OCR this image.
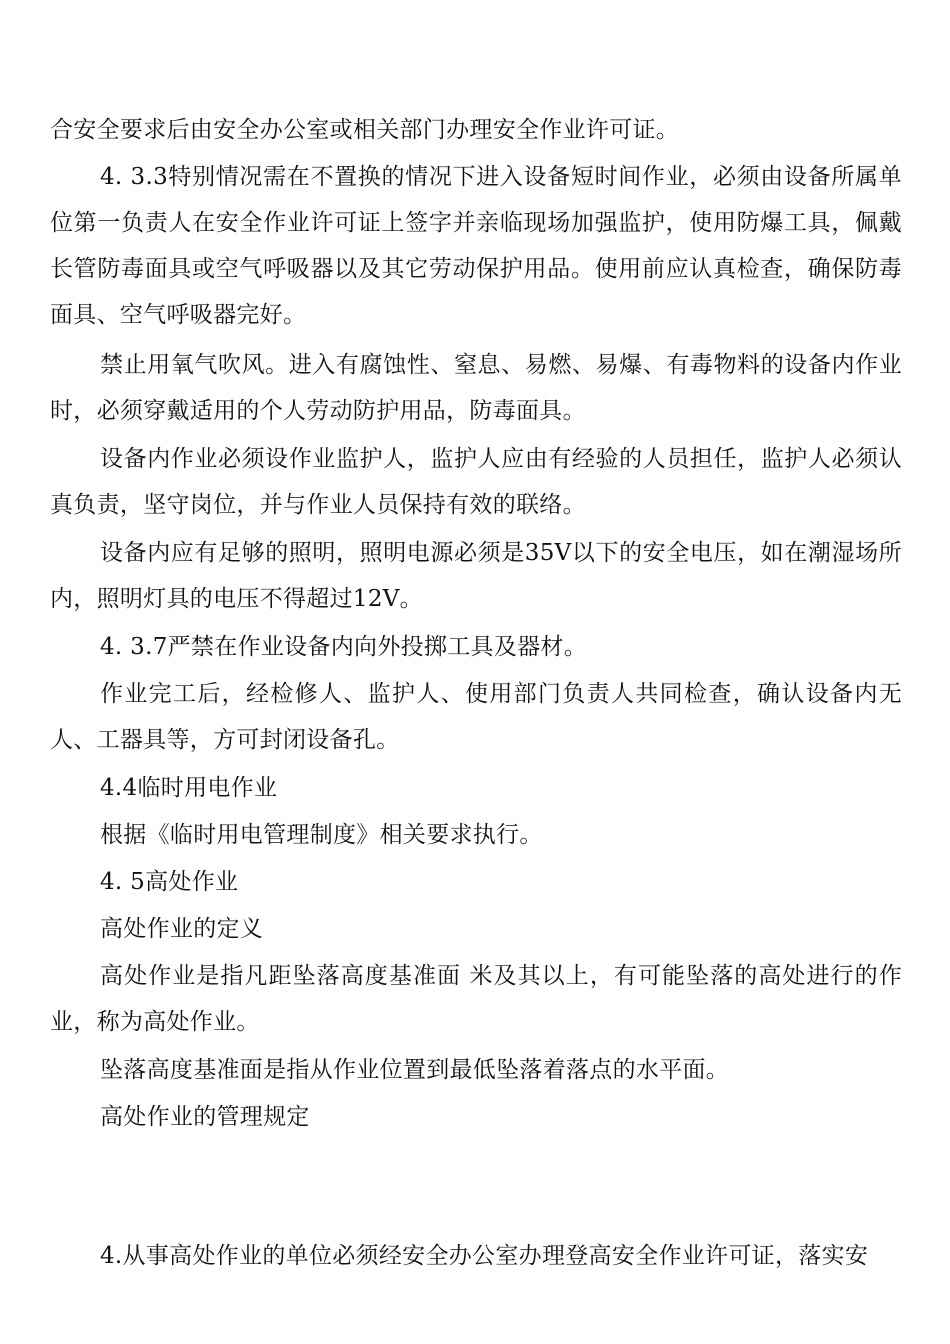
合安全要求后由安全办公室或相关部门办理安全作业许可证。

4. 3.3特别情况需在不置换的情况下进入设备短时间作业，必须由设备所属单位第一负责人在安全作业许可证上签字并亲临现场加强监护，使用防爆工具，佩戴长管防毒面具或空气呼吸器以及其它劳动保护用品。使用前应认真检查，确保防毒面具、空气呼吸器完好。

禁止用氧气吹风。进入有腐蚀性、窒息、易燃、易爆、有毒物料的设备内作业时，必须穿戴适用的个人劳动防护用品，防毒面具。

设备内作业必须设作业监护人，监护人应由有经验的人员担任，监护人必须认真负责，坚守岗位，并与作业人员保持有效的联络。

设备内应有足够的照明，照明电源必须是35V以下的安全电压，如在潮湿场所内，照明灯具的电压不得超过12V。

4. 3.7严禁在作业设备内向外投掷工具及器材。

作业完工后，经检修人、监护人、使用部门负责人共同检查，确认设备内无人、工器具等，方可封闭设备孔。

4.4临时用电作业

根据《临时用电管理制度》相关要求执行。

4. 5高处作业

高处作业的定义

高处作业是指凡距坠落高度基准面 米及其以上，有可能坠落的高处进行的作业，称为高处作业。

坠落高度基准面是指从作业位置到最低坠落着落点的水平面。

高处作业的管理规定

4.从事高处作业的单位必须经安全办公室办理登高安全作业许可证，落实安
